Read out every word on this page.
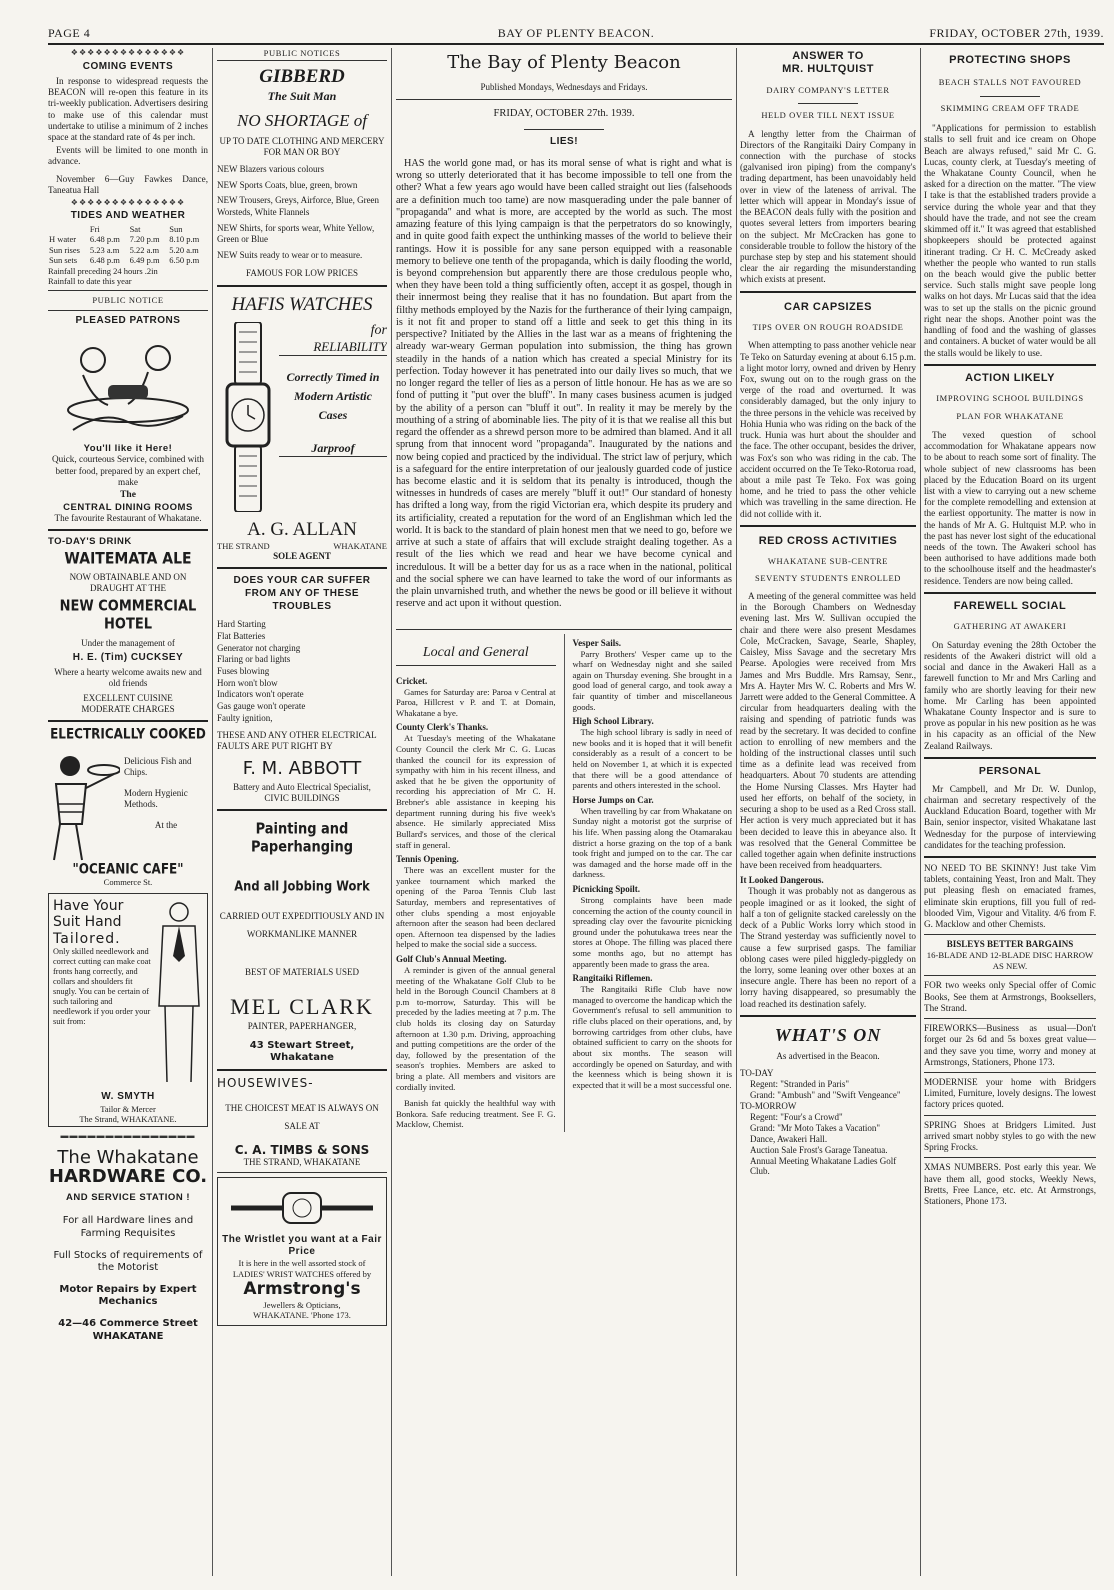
PAGE 4	BAY OF PLENTY BEACON.	FRIDAY, OCTOBER 27th, 1939.
❖❖❖❖❖❖❖❖❖❖❖❖❖❖
COMING EVENTS

In response to widespread requests the BEACON will re-open this feature in its tri-weekly publication. Advertisers desiring to make use of this calendar must undertake to utilise a minimum of 2 inches space at the standard rate of 4s per inch.

Events will be limited to one month in advance.

November 6—Guy Fawkes Dance, Taneatua Hall

❖❖❖❖❖❖❖❖❖❖❖❖❖❖
TIDES AND WEATHER
	Fri	Sat	Sun
H water	6.48 p.m	7.20 p.m	8.10 p.m
Sun rises	5.23 a.m	5.22 a.m	5.20 a.m
Sun sets	6.48 p.m	6.49 p.m	6.50 p.m
Rainfall preceding 24 hours .2in
Rainfall to date this year
PUBLIC NOTICE
PLEASED PATRONS
You'll like it Here!

Quick, courteous Service, combined with better food, prepared by an expert chef, make

The
CENTRAL DINING ROOMS

The favourite Restaurant of Whakatane.

TO-DAY'S DRINK
WAITEMATA ALE
NOW OBTAINABLE AND ON DRAUGHT AT THE
NEW COMMERCIAL HOTEL
Under the management of
H. E. (Tim) CUCKSEY
Where a hearty welcome awaits new and old friends
EXCELLENT CUISINE
MODERATE CHARGES
ELECTRICALLY COOKED
Delicious Fish and Chips.
Modern Hygienic Methods.
At the
"OCEANIC CAFE"
Commerce St.
Have Your
Suit Hand
Tailored.

Only skilled needlework and correct cutting can make coat fronts hang correctly, and collars and shoulders fit snugly. You can be certain of such tailoring and needlework if you order your suit from:

W. SMYTH
Tailor & Mercer
The Strand, WHAKATANE.
▬▬▬▬▬▬▬▬▬▬▬▬▬▬▬
The Whakatane
HARDWARE CO.
AND SERVICE STATION !
For all Hardware lines and Farming Requisites
Full Stocks of requirements of the Motorist
Motor Repairs by Expert Mechanics
42—46 Commerce Street
WHAKATANE
PUBLIC NOTICES
GIBBERD
The Suit Man
NO SHORTAGE of
UP TO DATE CLOTHING AND MERCERY FOR MAN OR BOY
NEW Blazers various colours
NEW Sports Coats, blue, green, brown
NEW Trousers, Greys, Airforce, Blue, Green Worsteds, White Flannels
NEW Shirts, for sports wear, White Yellow, Green or Blue
NEW Suits ready to wear or to measure.
FAMOUS FOR LOW PRICES
HAFIS WATCHES
for
RELIABILITY
Correctly Timed in Modern Artistic Cases
Jarproof
A. G. ALLAN
THE STRAND	WHAKATANE
SOLE AGENT
DOES YOUR CAR SUFFER FROM ANY OF THESE TROUBLES
Hard Starting
Flat Batteries
Generator not charging
Flaring or bad lights
Fuses blowing
Horn won't blow
Indicators won't operate
Gas gauge won't operate
Faulty ignition,
THESE AND ANY OTHER ELECTRICAL FAULTS ARE PUT RIGHT BY
F. M. ABBOTT
Battery and Auto Electrical Specialist,
CIVIC BUILDINGS
Painting and Paperhanging
And all Jobbing Work
CARRIED OUT EXPEDITIOUSLY AND IN WORKMANLIKE MANNER
BEST OF MATERIALS USED
MEL CLARK
PAINTER, PAPERHANGER,
43 Stewart Street, Whakatane
HOUSEWIVES-
THE CHOICEST MEAT IS ALWAYS ON SALE AT
C. A. TIMBS & SONS
THE STRAND, WHAKATANE
The Wristlet you want at a Fair Price
It is here in the well assorted stock of LADIES' WRIST WATCHES offered by
Armstrong's
Jewellers & Opticians,
WHAKATANE. 'Phone 173.
The Bay of Plenty Beacon
Published Mondays, Wednesdays and Fridays.
FRIDAY, OCTOBER 27th. 1939.
LIES!

HAS the world gone mad, or has its moral sense of what is right and what is wrong so utterly deteriorated that it has become impossible to tell one from the other? What a few years ago would have been called straight out lies (falsehoods are a definition much too tame) are now masquerading under the pale banner of "propaganda" and what is more, are accepted by the world as such. The most amazing feature of this lying campaign is that the perpetrators do so knowingly, and in quite good faith expect the unthinking masses of the world to believe their rantings. How it is possible for any sane person equipped with a reasonable memory to believe one tenth of the propaganda, which is daily flooding the world, is beyond comprehension but apparently there are those credulous people who, when they have been told a thing sufficiently often, accept it as gospel, though in their innermost being they realise that it has no foundation. But apart from the filthy methods employed by the Nazis for the furtherance of their lying campaign, is it not fit and proper to stand off a little and seek to get this thing in its perspective? Initiated by the Allies in the last war as a means of frightening the already war-weary German population into submission, the thing has grown steadily in the hands of a nation which has created a special Ministry for its perfection. Today however it has penetrated into our daily lives so much, that we no longer regard the teller of lies as a person of little honour. He has as we are so fond of putting it "put over the bluff". In many cases business acumen is judged by the ability of a person can "bluff it out". In reality it may be merely by the mouthing of a string of abominable lies. The pity of it is that we realise all this but regard the offender as a shrewd person more to be admired than blamed. And it all sprung from that innocent word "propaganda". Inaugurated by the nations and now being copied and practiced by the individual. The strict law of perjury, which is a safeguard for the entire interpretation of our jealously guarded code of justice has become elastic and it is seldom that its penalty is introduced, though the witnesses in hundreds of cases are merely "bluff it out!" Our standard of honesty has drifted a long way, from the rigid Victorian era, which despite its prudery and its artificiality, created a reputation for the word of an Englishman which led the world. It is back to the standard of plain honest men that we need to go, before we arrive at such a state of affairs that will exclude straight dealing together. As a result of the lies which we read and hear we have become cynical and incredulous. It will be a better day for us as a race when in the national, political and the social sphere we can have learned to take the word of our informants as the plain unvarnished truth, and whether the news be good or ill believe it without reserve and act upon it without question.

Local and General
Cricket.

Games for Saturday are: Paroa v Central at Paroa, Hillcrest v P. and T. at Domain, Whakatane a bye.

County Clerk's Thanks.

At Tuesday's meeting of the Whakatane County Council the clerk Mr C. G. Lucas thanked the council for its expression of sympathy with him in his recent illness, and asked that he be given the opportunity of recording his appreciation of Mr C. H. Brebner's able assistance in keeping his department running during his five week's absence. He similarly appreciated Miss Bullard's services, and those of the clerical staff in general.

Tennis Opening.

There was an excellent muster for the yankee tournament which marked the opening of the Paroa Tennis Club last Saturday, members and representatives of other clubs spending a most enjoyable afternoon after the season had been declared open. Afternoon tea dispensed by the ladies helped to make the social side a success.

Golf Club's Annual Meeting.

A reminder is given of the annual general meeting of the Whakatane Golf Club to be held in the Borough Council Chambers at 8 p.m to-morrow, Saturday. This will be preceded by the ladies meeting at 7 p.m. The club holds its closing day on Saturday afternoon at 1.30 p.m. Driving, approaching and putting competitions are the order of the day, followed by the presentation of the season's trophies. Members are asked to bring a plate. All members and visitors are cordially invited.

Banish fat quickly the healthful way with Bonkora. Safe reducing treatment. See F. G. Macklow, Chemist.

Vesper Sails.

Parry Brothers' Vesper came up to the wharf on Wednesday night and she sailed again on Thursday evening. She brought in a good load of general cargo, and took away a fair quantity of timber and miscellaneous goods.

High School Library.

The high school library is sadly in need of new books and it is hoped that it will benefit considerably as a result of a concert to be held on November 1, at which it is expected that there will be a good attendance of parents and others interested in the school.

Horse Jumps on Car.

When travelling by car from Whakatane on Sunday night a motorist got the surprise of his life. When passing along the Otamarakau district a horse grazing on the top of a bank took fright and jumped on to the car. The car was damaged and the horse made off in the darkness.

Picnicking Spoilt.

Strong complaints have been made concerning the action of the county council in spreading clay over the favourite picnicking ground under the pohutukawa trees near the stores at Ohope. The filling was placed there some months ago, but no attempt has apparently been made to grass the area.

Rangitaiki Riflemen.

The Rangitaiki Rifle Club have now managed to overcome the handicap which the Government's refusal to sell ammunition to rifle clubs placed on their operations, and, by borrowing cartridges from other clubs, have obtained sufficient to carry on the shoots for about six months. The season will accordingly be opened on Saturday, and with the keenness which is being shown it is expected that it will be a most successful one.

ANSWER TO
MR. HULTQUIST
DAIRY COMPANY'S LETTER
HELD OVER TILL NEXT ISSUE

A lengthy letter from the Chairman of Directors of the Rangitaiki Dairy Company in connection with the purchase of stocks (galvanised iron piping) from the company's trading department, has been unavoidably held over in view of the lateness of arrival. The letter which will appear in Monday's issue of the BEACON deals fully with the position and quotes several letters from importers bearing on the subject. Mr McCracken has gone to considerable trouble to follow the history of the purchase step by step and his statement should clear the air regarding the misunderstanding which exists at present.

CAR CAPSIZES
TIPS OVER ON ROUGH ROADSIDE

When attempting to pass another vehicle near Te Teko on Saturday evening at about 6.15 p.m. a light motor lorry, owned and driven by Henry Fox, swung out on to the rough grass on the verge of the road and overturned. It was considerably damaged, but the only injury to the three persons in the vehicle was received by Hohia Hunia who was riding on the back of the truck. Hunia was hurt about the shoulder and the face. The other occupant, besides the driver, was Fox's son who was riding in the cab. The accident occurred on the Te Teko-Rotorua road, about a mile past Te Teko. Fox was going home, and he tried to pass the other vehicle which was travelling in the same direction. He did not collide with it.

RED CROSS ACTIVITIES
WHAKATANE SUB-CENTRE
SEVENTY STUDENTS ENROLLED

A meeting of the general committee was held in the Borough Chambers on Wednesday evening last. Mrs W. Sullivan occupied the chair and there were also present Mesdames Cole, McCracken, Savage, Searle, Shapley, Caisley, Miss Savage and the secretary Mrs Pearse. Apologies were received from Mrs James and Mrs Buddle. Mrs Ramsay, Senr., Mrs A. Hayter Mrs W. C. Roberts and Mrs W. Jarrett were added to the General Committee. A circular from headquarters dealing with the raising and spending of patriotic funds was read by the secretary. It was decided to confine action to enrolling of new members and the holding of the instructional classes until such time as a definite lead was received from headquarters. About 70 students are attending the Home Nursing Classes. Mrs Hayter had used her efforts, on behalf of the society, in securing a shop to be used as a Red Cross stall. Her action is very much appreciated but it has been decided to leave this in abeyance also. It was resolved that the General Committee be called together again when definite instructions have been received from headquarters.

It Looked Dangerous.

Though it was probably not as dangerous as people imagined or as it looked, the sight of half a ton of gelignite stacked carelessly on the deck of a Public Works lorry which stood in The Strand yesterday was sufficiently novel to cause a few surprised gasps. The familiar oblong cases were piled higgledy-piggledy on the lorry, some leaning over other boxes at an insecure angle. There has been no report of a lorry having disappeared, so presumably the load reached its destination safely.

WHAT'S ON
As advertised in the Beacon.
TO-DAY
Regent: "Stranded in Paris"
Grand: "Ambush" and "Swift Vengeance"
TO-MORROW
Regent: "Four's a Crowd"
Grand: "Mr Moto Takes a Vacation"
Dance, Awakeri Hall.
Auction Sale Frost's Garage Taneatua.
Annual Meeting Whakatane Ladies Golf Club.
PROTECTING SHOPS
BEACH STALLS NOT FAVOURED
SKIMMING CREAM OFF TRADE

"Applications for permission to establish stalls to sell fruit and ice cream on Ohope Beach are always refused," said Mr C. G. Lucas, county clerk, at Tuesday's meeting of the Whakatane County Council, when he asked for a direction on the matter. "The view I take is that the established traders provide a service during the whole year and that they should have the trade, and not see the cream skimmed off it." It was agreed that established shopkeepers should be protected against itinerant trading. Cr H. C. McCready asked whether the people who wanted to run stalls on the beach would give the public better service. Such stalls might save people long walks on hot days. Mr Lucas said that the idea was to set up the stalls on the picnic ground right near the shops. Another point was the handling of food and the washing of glasses and containers. A bucket of water would be all the stalls would be likely to use.

ACTION LIKELY
IMPROVING SCHOOL BUILDINGS
PLAN FOR WHAKATANE

The vexed question of school accommodation for Whakatane appears now to be about to reach some sort of finality. The whole subject of new classrooms has been placed by the Education Board on its urgent list with a view to carrying out a new scheme for the complete remodelling and extension at the earliest opportunity. The matter is now in the hands of Mr A. G. Hultquist M.P. who in the past has never lost sight of the educational needs of the town. The Awakeri school has been authorised to have additions made both to the schoolhouse itself and the headmaster's residence. Tenders are now being called.

FAREWELL SOCIAL
GATHERING AT AWAKERI

On Saturday evening the 28th October the residents of the Awakeri district will old a social and dance in the Awakeri Hall as a farewell function to Mr and Mrs Carling and family who are shortly leaving for their new home. Mr Carling has been appointed Whakatane County Inspector and is sure to prove as popular in his new position as he was in his capacity as an official of the New Zealand Railways.

PERSONAL

Mr Campbell, and Mr Dr. W. Dunlop, chairman and secretary respectively of the Auckland Education Board, together with Mr Bain, senior inspector, visited Whakatane last Wednesday for the purpose of interviewing candidates for the teaching profession.

NO NEED TO BE SKINNY! Just take Vim tablets, containing Yeast, Iron and Malt. They put pleasing flesh on emaciated frames, eliminate skin eruptions, fill you full of red-blooded Vim, Vigour and Vitality. 4/6 from F. G. Macklow and other Chemists.

BISLEYS BETTER BARGAINS
16-BLADE AND 12-BLADE DISC HARROW AS NEW.

FOR two weeks only Special offer of Comic Books, See them at Armstrongs, Booksellers, The Strand.

FIREWORKS—Business as usual—Don't forget our 2s 6d and 5s boxes great value—and they save you time, worry and money at Armstrongs, Stationers, Phone 173.

MODERNISE your home with Bridgers Limited, Furniture, lovely designs. The lowest factory prices quoted.

SPRING Shoes at Bridgers Limited. Just arrived smart nobby styles to go with the new Spring Frocks.

XMAS NUMBERS. Post early this year. We have them all, good stocks, Weekly News, Bretts, Free Lance, etc. etc. At Armstrongs, Stationers, Phone 173.
